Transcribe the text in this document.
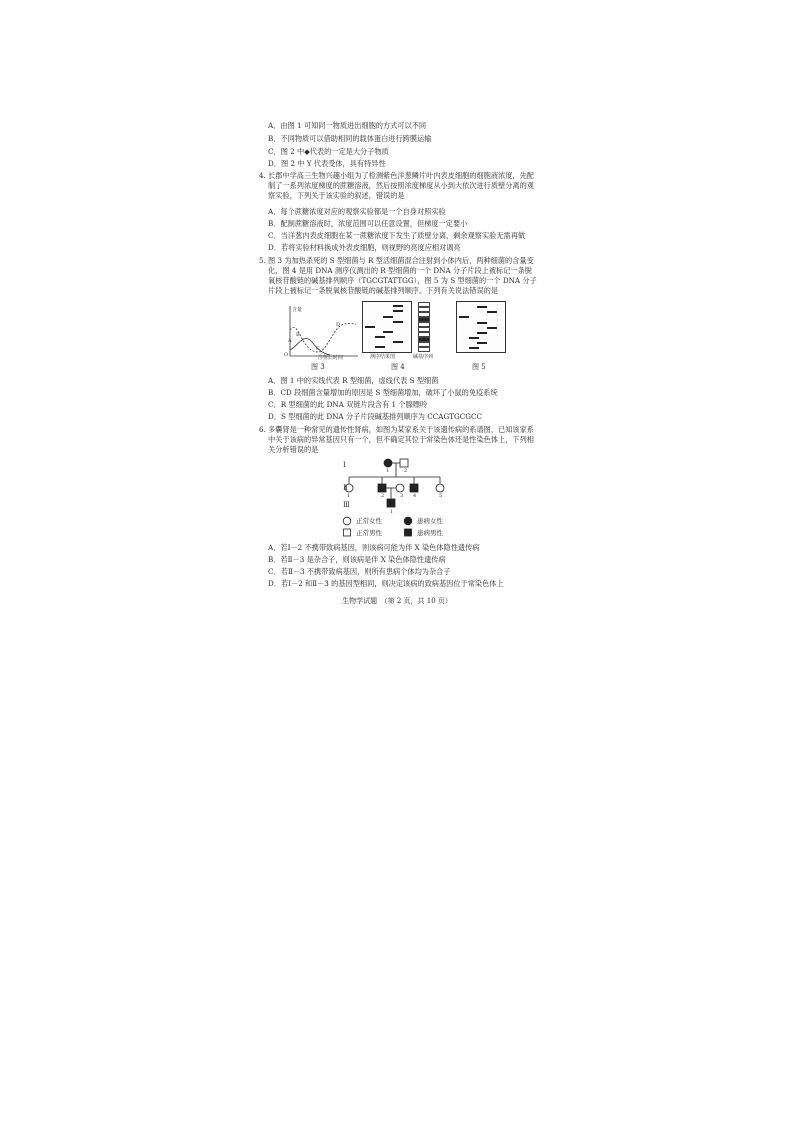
A．由图 1 可知同一物质进出细胞的方式可以不同
B．不同物质可以借助相同的载体蛋白进行跨膜运输
C．图 2 中◆代表的一定是大分子物质
D．图 2 中 Y 代表受体，具有特异性
4. 长郡中学高三生物兴趣小组为了检测紫色洋葱鳞片叶内表皮细胞的细胞液浓度，先配制了一系列浓度梯度的蔗糖溶液，然后按照浓度梯度从小到大依次进行质壁分离的观察实验，下列关于该实验的叙述，错误的是
A．每个蔗糖浓度对应的观察实验都是一个自身对照实验
B．配制蔗糖溶液时，浓度范围可以任意设置，但梯度一定要小
C．当洋葱内表皮细胞在某一蔗糖浓度下发生了质壁分离，剩余观察实验无需再做
D．若将实验材料换成外表皮细胞，则视野的亮度应相对调亮
5. 图 3 为加热杀死的 S 型细菌与 R 型活细菌混合注射到小体内后，两种细菌的含量变化，图 4 是用 DNA 测序仪测出的 R 型细菌的一个 DNA 分子片段上被标记一条脱氧核苷酸链的碱基排列顺序（TGCGTATTGG），图 5 为 S 型细菌的一个 DNA 分子片段上被标记一条脱氧核苷酸链的碱基排列顺序。下列有关说法错误的是
含量
注射后时间
O
A
B
C
D
测序结果图	碱基序列
图 3	图 4	图 5
A．图 1 中的实线代表 R 型细菌，虚线代表 S 型细菌
B．CD 段细菌含量增加的原因是 S 型细菌增加，破坏了小鼠的免疫系统
C．R 型细菌的此 DNA 双链片段含有 1 个腺嘌呤
D．S 型细菌的此 DNA 分子片段碱基排列顺序为 CCAGTGCGCC
6. 多囊肾是一种常见的遗传性肾病，如图为某家系关于该遗传病的系谱图，已知该家系中关于该病的异常基因只有一个，但不确定其位于常染色体还是性染色体上，下列相关分析错误的是
Ⅰ
Ⅱ
Ⅲ
1	2
1	2	3 4	5
1
正常女性	患病女性
正常男性	患病男性
A．若Ⅰ－2 不携带致病基因，则该病可能为伴 X 染色体隐性遗传病
B．若Ⅱ－3 是杂合子，则该病是伴 X 染色体隐性遗传病
C．若Ⅱ－3 不携带致病基因，则所有患病个体均为杂合子
D．若Ⅰ－2 和Ⅱ－3 的基因型相同，则决定该病的致病基因位于常染色体上
生物学试题　（第 2 页，共 10 页）
